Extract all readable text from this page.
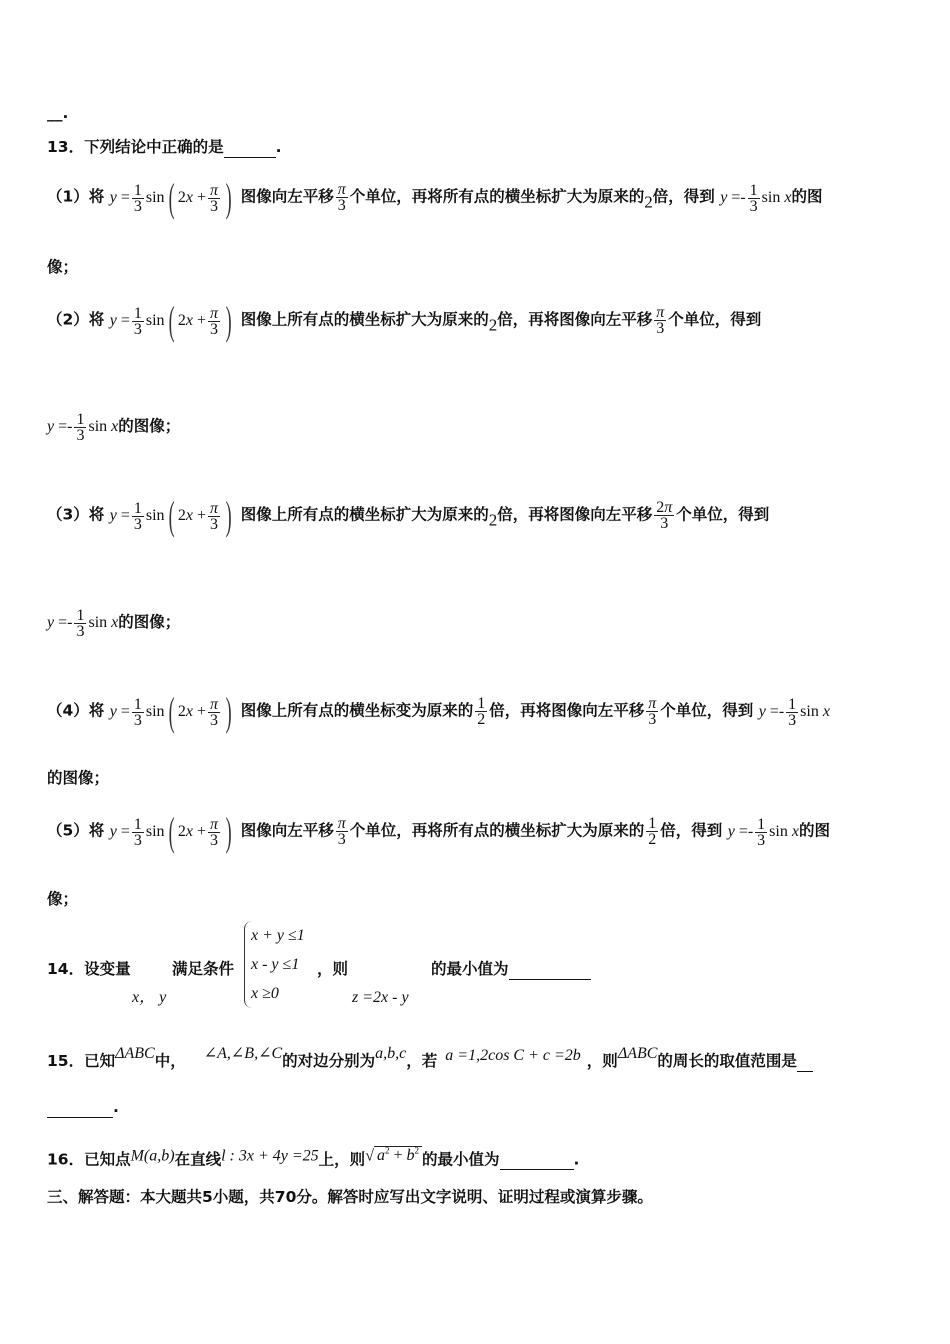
__.
13．下列结论中正确的是	.
（1）将 $y = \frac{1}{3} \sin$( $2x + \frac{\pi}{3}$ ) 图像向左平移 $\frac{\pi}{3}$ 个单位，再将所有点的横坐标扩大为原来的2倍，得到 $y =- \frac{1}{3}$ sin x的图
像；
（2）将 $y = \frac{1}{3} \sin$( $2x + \frac{\pi}{3}$ ) 图像上所有点的横坐标扩大为原来的2倍，再将图像向左平移 $\frac{\pi}{3}$ 个单位，得到
$y =- \frac{1}{3}$ sin x的图像；
（3）将 $y = \frac{1}{3} \sin$( $2x + \frac{\pi}{3}$ ) 图像上所有点的横坐标扩大为原来的2倍，再将图像向左平移 $\frac{2\pi}{3}$ 个单位，得到
$y =- \frac{1}{3}$ sin x的图像；
（4）将 $y = \frac{1}{3} \sin$( $2x + \frac{\pi}{3}$ ) 图像上所有点的横坐标变为原来的 $\frac{1}{2}$ 倍，再将图像向左平移 $\frac{\pi}{3}$ 个单位，得到 $y =- \frac{1}{3}$ sin x
的图像；
（5）将 $y = \frac{1}{3} \sin$( $2x + \frac{\pi}{3}$ ) 图像向左平移 $\frac{\pi}{3}$ 个单位，再将所有点的横坐标扩大为原来的 $\frac{1}{2}$ 倍，得到 $y =- \frac{1}{3}$ sin x的图
像；
14．设变量	满足条件
x， y
x + y ≤1
x - y ≤1
x ≥0
，则
z =2x - y
的最小值为
15．已知ΔABC中， ∠A,∠B,∠C的对边分别为a,b,c，若 a =1,2cos C + c =2b ，则ΔABC的周长的取值范围是
.
16．已知点M(a,b)在直线l : 3x + 4y =25上，则√ $a^2 + b^2$ 的最小值为	.
三、解答题：本大题共5小题，共70分。解答时应写出文字说明、证明过程或演算步骤。
